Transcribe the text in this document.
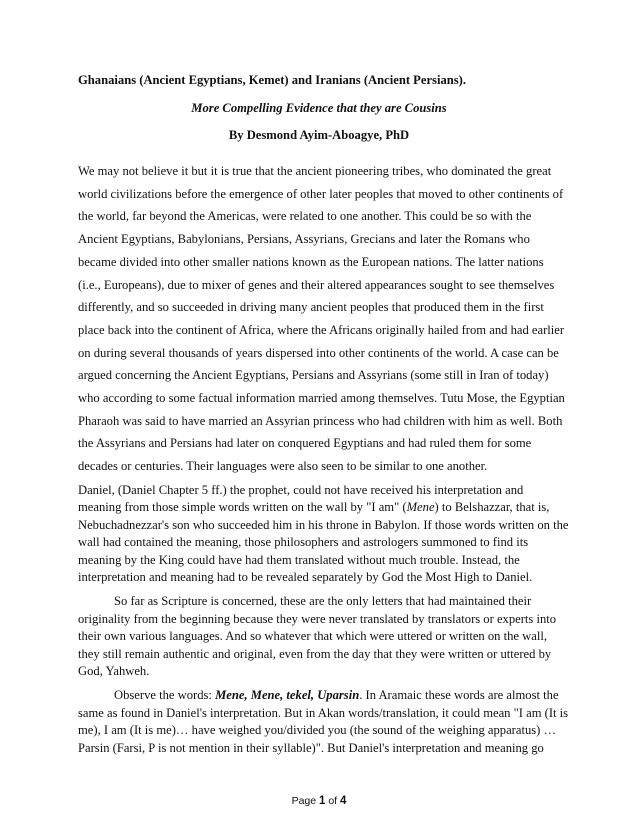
Ghanaians (Ancient Egyptians, Kemet) and Iranians (Ancient Persians).

More Compelling Evidence that they are Cousins

By Desmond Ayim-Aboagye, PhD

We may not believe it but it is true that the ancient pioneering tribes, who dominated the great
world civilizations before the emergence of other later peoples that moved to other continents of
the world, far beyond the Americas, were related to one another. This could be so with the
Ancient Egyptians, Babylonians, Persians, Assyrians, Grecians and later the Romans who
became divided into other smaller nations known as the European nations. The latter nations
(i.e., Europeans), due to mixer of genes and their altered appearances sought to see themselves
differently, and so succeeded in driving many ancient peoples that produced them in the first
place back into the continent of Africa, where the Africans originally hailed from and had earlier
on during several thousands of years dispersed into other continents of the world. A case can be
argued concerning the Ancient Egyptians, Persians and Assyrians (some still in Iran of today)
who according to some factual information married among themselves. Tutu Mose, the Egyptian
Pharaoh was said to have married an Assyrian princess who had children with him as well. Both
the Assyrians and Persians had later on conquered Egyptians and had ruled them for some
decades or centuries. Their languages were also seen to be similar to one another.

Daniel, (Daniel Chapter 5 ff.) the prophet, could not have received his interpretation and
meaning from those simple words written on the wall by "I am" (Mene) to Belshazzar, that is,
Nebuchadnezzar's son who succeeded him in his throne in Babylon. If those words written on the
wall had contained the meaning, those philosophers and astrologers summoned to find its
meaning by the King could have had them translated without much trouble. Instead, the
interpretation and meaning had to be revealed separately by God the Most High to Daniel.
So far as Scripture is concerned, these are the only letters that had maintained their
originality from the beginning because they were never translated by translators or experts into
their own various languages. And so whatever that which were uttered or written on the wall,
they still remain authentic and original, even from the day that they were written or uttered by
God, Yahweh.
Observe the words: Mene, Mene, tekel, Uparsin. In Aramaic these words are almost the
same as found in Daniel's interpretation. But in Akan words/translation, it could mean "I am (It is
me), I am (It is me)… have weighed you/divided you (the sound of the weighing apparatus) …
Parsin (Farsi, P is not mention in their syllable)". But Daniel's interpretation and meaning go

Page 1 of 4
